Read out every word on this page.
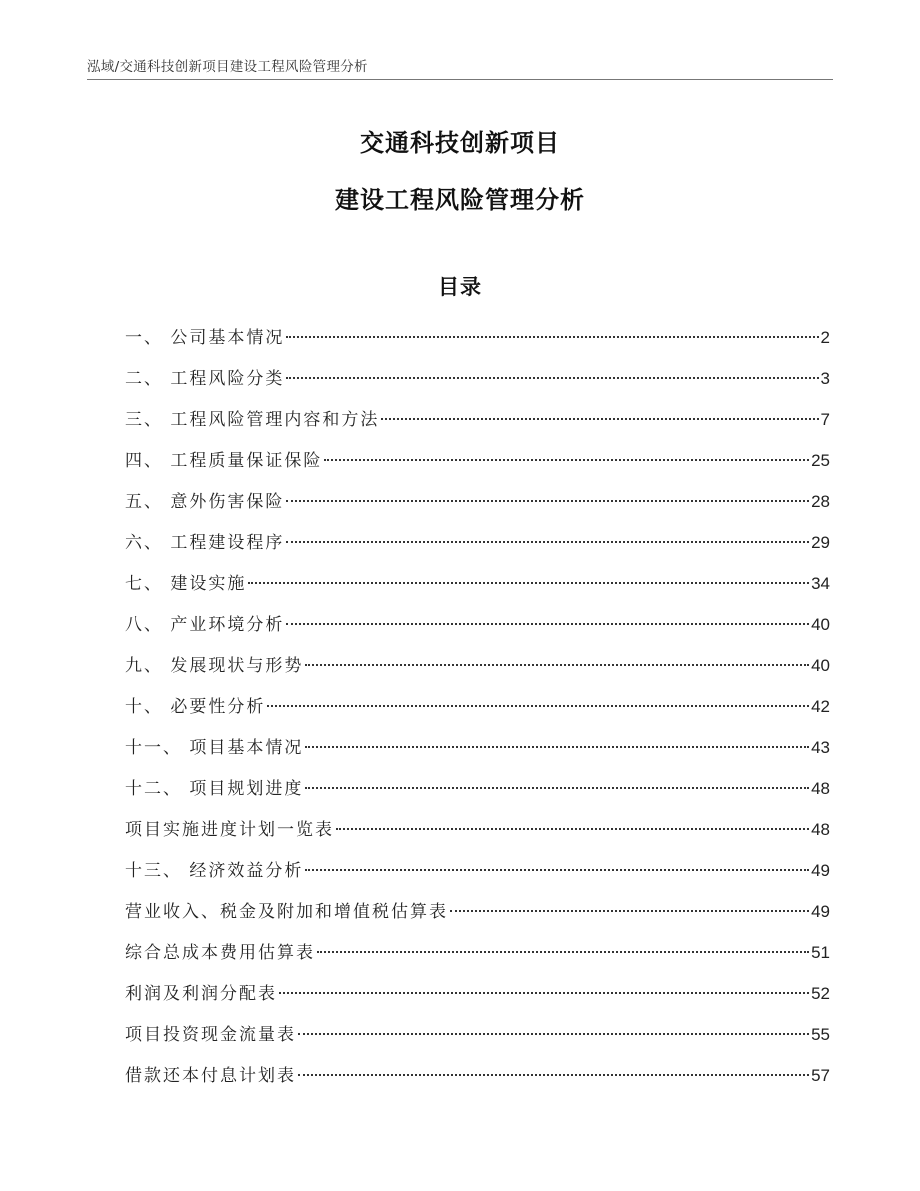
泓域/交通科技创新项目建设工程风险管理分析
交通科技创新项目
建设工程风险管理分析
目录
一、 公司基本情况	2
二、 工程风险分类	3
三、 工程风险管理内容和方法	7
四、 工程质量保证保险	25
五、 意外伤害保险	28
六、 工程建设程序	29
七、 建设实施	34
八、 产业环境分析	40
九、 发展现状与形势	40
十、 必要性分析	42
十一、 项目基本情况	43
十二、 项目规划进度	48
项目实施进度计划一览表	48
十三、 经济效益分析	49
营业收入、税金及附加和增值税估算表	49
综合总成本费用估算表	51
利润及利润分配表	52
项目投资现金流量表	55
借款还本付息计划表	57
